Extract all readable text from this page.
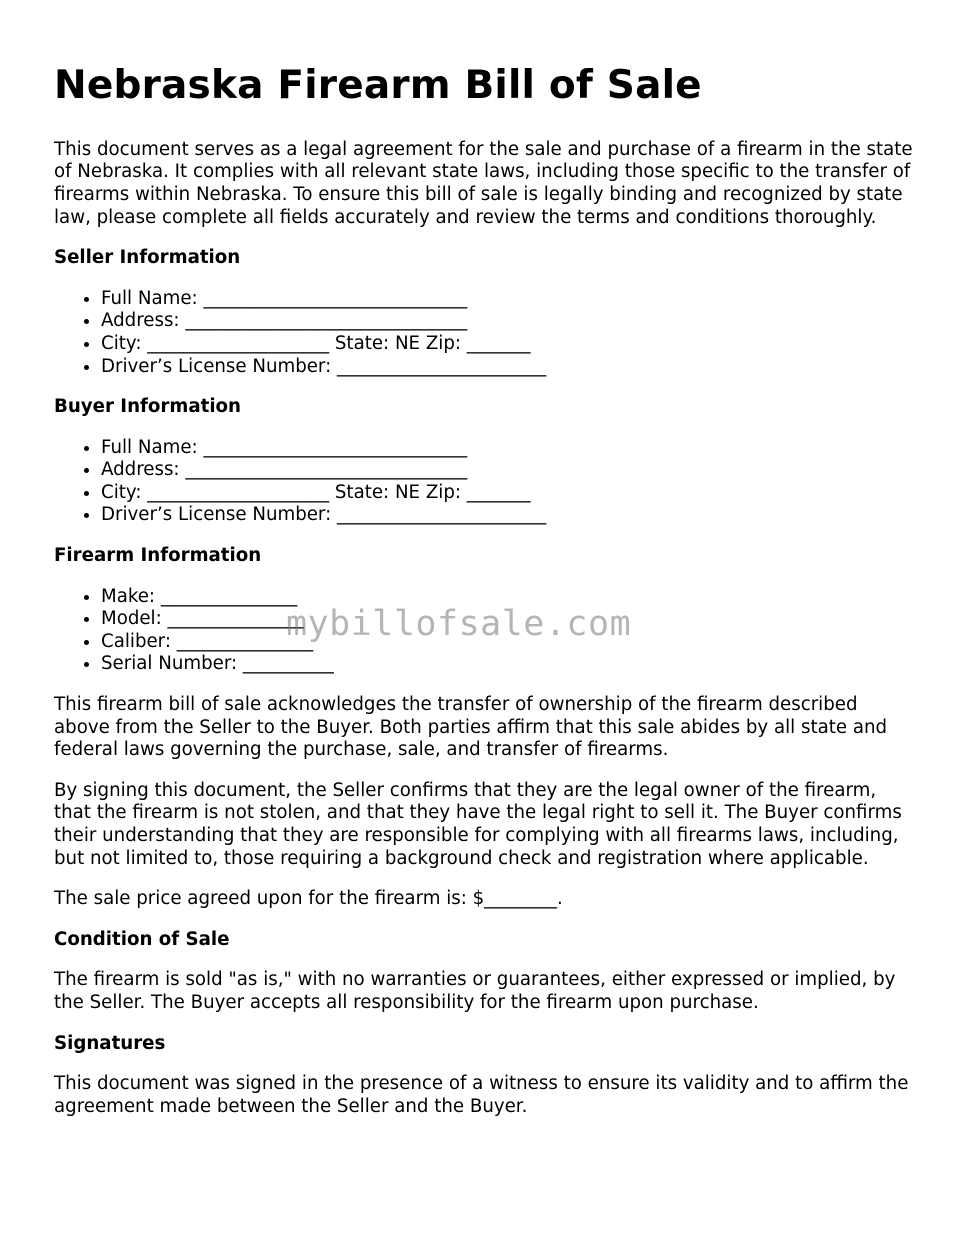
Nebraska Firearm Bill of Sale

This document serves as a legal agreement for the sale and purchase of a firearm in the state of Nebraska. It complies with all relevant state laws, including those specific to the transfer of firearms within Nebraska. To ensure this bill of sale is legally binding and recognized by state law, please complete all fields accurately and review the terms and conditions thoroughly.

Seller Information
• Full Name: _____________________________
• Address: _______________________________
• City: ____________________ State: NE Zip: _______
• Driver’s License Number: _______________________
Buyer Information
• Full Name: _____________________________
• Address: _______________________________
• City: ____________________ State: NE Zip: _______
• Driver’s License Number: _______________________
Firearm Information
• Make: _______________
• Model: _______________
• Caliber: _______________
• Serial Number: __________

This firearm bill of sale acknowledges the transfer of ownership of the firearm described above from the Seller to the Buyer. Both parties affirm that this sale abides by all state and federal laws governing the purchase, sale, and transfer of firearms.

By signing this document, the Seller confirms that they are the legal owner of the firearm, that the firearm is not stolen, and that they have the legal right to sell it. The Buyer confirms their understanding that they are responsible for complying with all firearms laws, including, but not limited to, those requiring a background check and registration where applicable.

The sale price agreed upon for the firearm is: $________.

Condition of Sale

The firearm is sold "as is," with no warranties or guarantees, either expressed or implied, by the Seller. The Buyer accepts all responsibility for the firearm upon purchase.

Signatures

This document was signed in the presence of a witness to ensure its validity and to affirm the agreement made between the Seller and the Buyer.

mybillofsale.com
